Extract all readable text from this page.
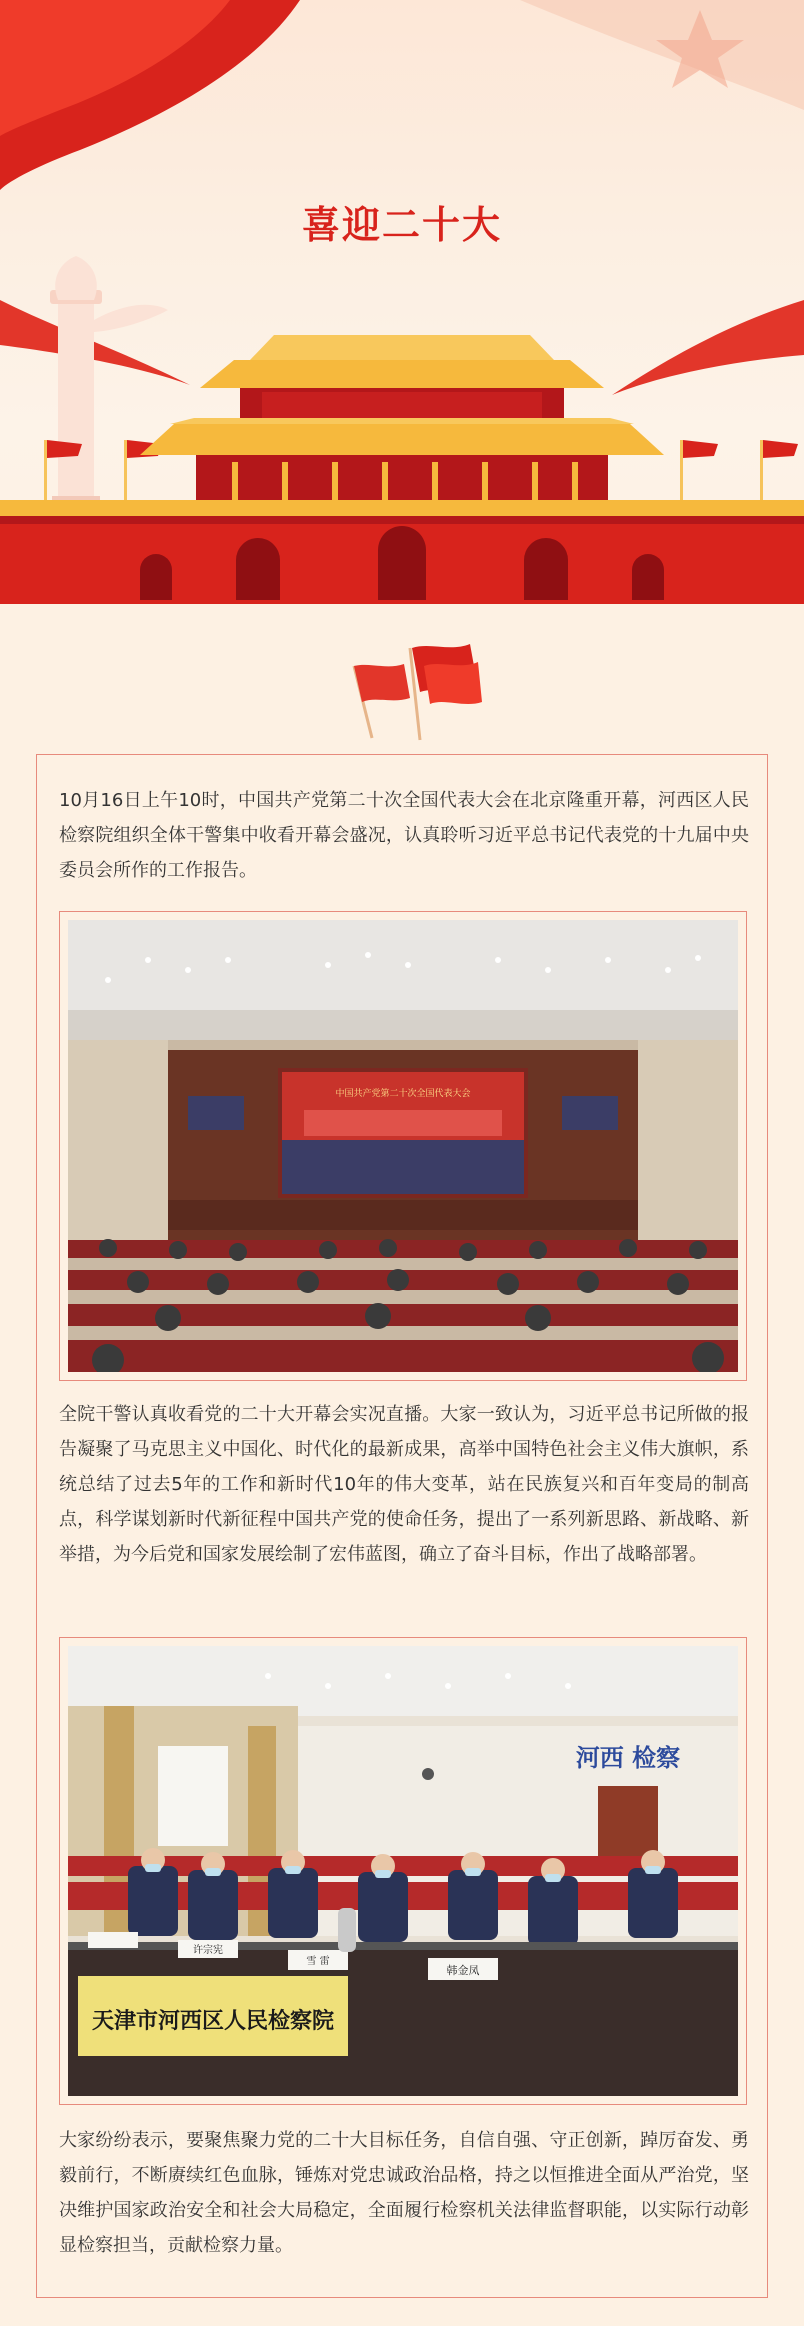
喜迎二十大

10月16日上午10时，中国共产党第二十次全国代表大会在北京隆重开幕，河西区人民检察院组织全体干警集中收看开幕会盛况，认真聆听习近平总书记代表党的十九届中央委员会所作的工作报告。

中国共产党第二十次全国代表大会

全院干警认真收看党的二十大开幕会实况直播。大家一致认为，习近平总书记所做的报告凝聚了马克思主义中国化、时代化的最新成果，高举中国特色社会主义伟大旗帜，系统总结了过去5年的工作和新时代10年的伟大变革，站在民族复兴和百年变局的制高点，科学谋划新时代新征程中国共产党的使命任务，提出了一系列新思路、新战略、新举措，为今后党和国家发展绘制了宏伟蓝图，确立了奋斗目标，作出了战略部署。

河西 检察
许宗宪
雪 雷
韩金凤
天津市河西区人民检察院

大家纷纷表示，要聚焦聚力党的二十大目标任务，自信自强、守正创新，踔厉奋发、勇毅前行，不断赓续红色血脉，锤炼对党忠诚政治品格，持之以恒推进全面从严治党，坚决维护国家政治安全和社会大局稳定，全面履行检察机关法律监督职能，以实际行动彰显检察担当，贡献检察力量。
